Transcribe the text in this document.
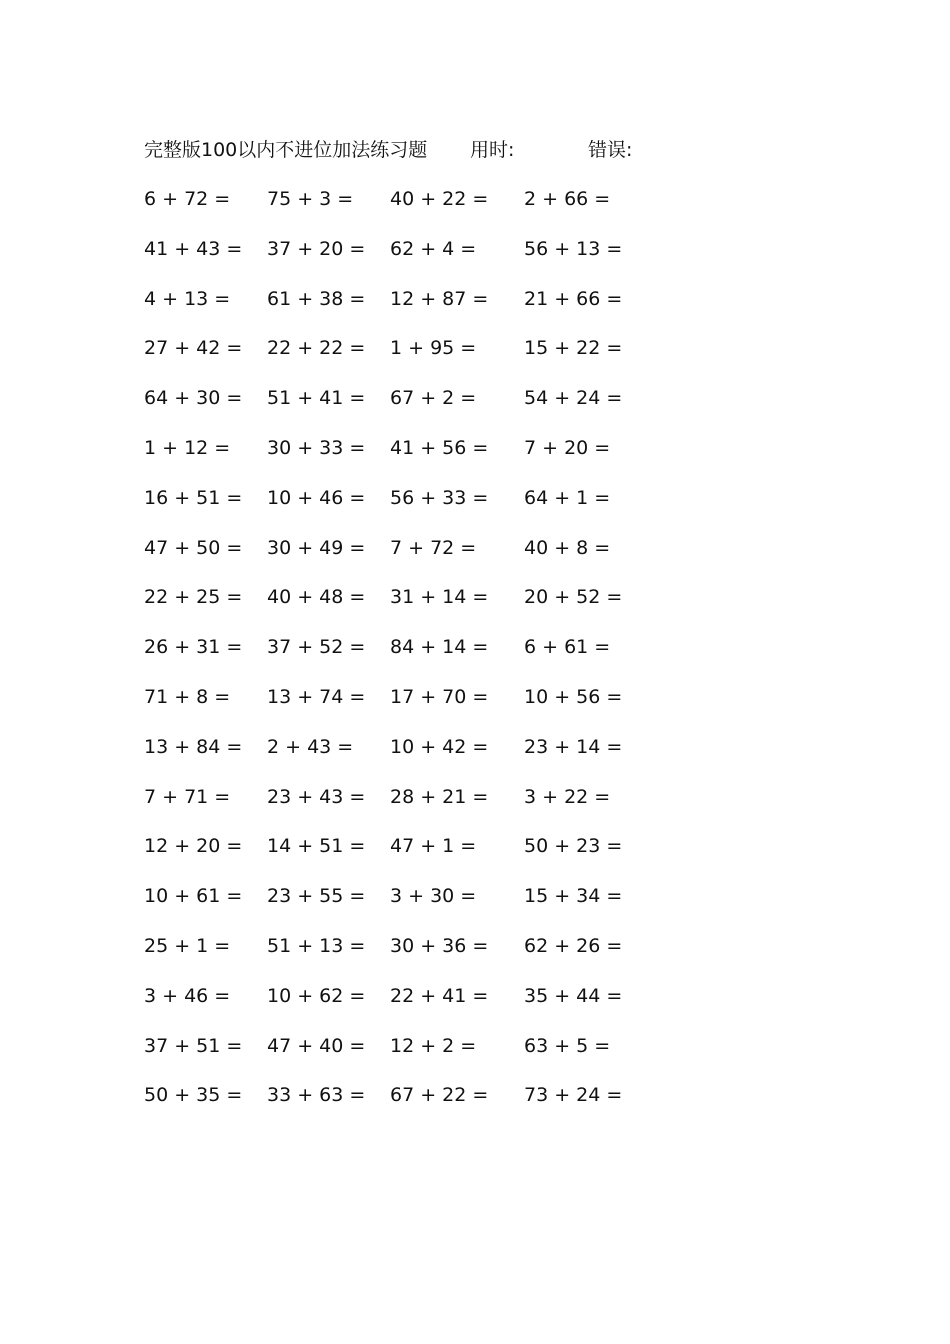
完整版100以内不进位加法练习题 用时:	错误:
6 + 72 = 75 + 3 = 40 + 22 = 2 + 66 =
41 + 43 = 37 + 20 = 62 + 4 =	56 + 13 =
4 + 13 = 61 + 38 = 12 + 87 = 21 + 66 =
27 + 42 = 22 + 22 = 1 + 95 =	15 + 22 =
64 + 30 = 51 + 41 = 67 + 2 =	54 + 24 =
1 + 12 = 30 + 33 = 41 + 56 = 7 + 20 =
16 + 51 = 10 + 46 = 56 + 33 = 64 + 1 =
47 + 50 = 30 + 49 = 7 + 72 =	40 + 8 =
22 + 25 = 40 + 48 = 31 + 14 = 20 + 52 =
26 + 31 = 37 + 52 = 84 + 14 = 6 + 61 =
71 + 8 = 13 + 74 = 17 + 70 = 10 + 56 =
13 + 84 = 2 + 43 = 10 + 42 = 23 + 14 =
7 + 71 = 23 + 43 = 28 + 21 = 3 + 22 =
12 + 20 = 14 + 51 = 47 + 1 =	50 + 23 =
10 + 61 = 23 + 55 = 3 + 30 =	15 + 34 =
25 + 1 = 51 + 13 = 30 + 36 = 62 + 26 =
3 + 46 = 10 + 62 = 22 + 41 = 35 + 44 =
37 + 51 = 47 + 40 = 12 + 2 =	63 + 5 =
50 + 35 = 33 + 63 = 67 + 22 = 73 + 24 =
